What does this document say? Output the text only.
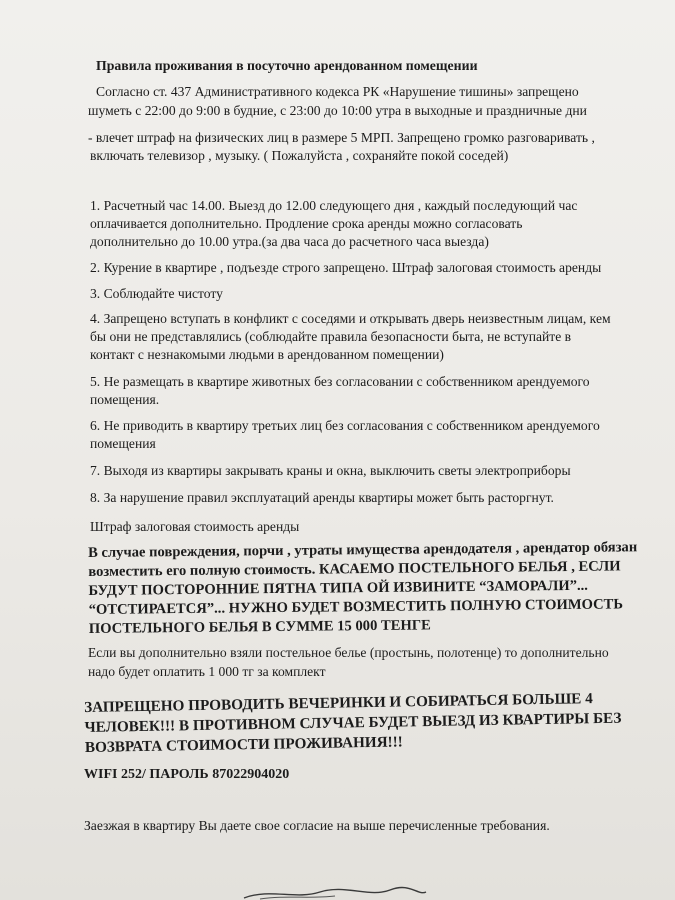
Правила проживания в посуточно арендованном помещении

Согласно ст. 437 Административного кодекса РК «Нарушение тишины» запрещено

шуметь с 22:00 до 9:00 в будние, с 23:00 до 10:00 утра в выходные и праздничные дни

- влечет штраф на физических лиц в размере 5 МРП. Запрещено громко разговаривать ,

включать телевизор , музыку. ( Пожалуйста , сохраняйте покой соседей)

1. Расчетный час 14.00. Выезд до 12.00 следующего дня , каждый последующий час

оплачивается дополнительно. Продление срока аренды можно согласовать

дополнительно до 10.00 утра.(за два часа до расчетного часа выезда)

2. Курение в квартире , подъезде строго запрещено. Штраф залоговая стоимость аренды

3. Соблюдайте чистоту

4. Запрещено вступать в конфликт с соседями и открывать дверь неизвестным лицам, кем

бы они не представлялись (соблюдайте правила безопасности быта, не вступайте в

контакт с незнакомыми людьми в арендованном помещении)

5. Не размещать в квартире животных без согласовании с собственником арендуемого

помещения.

6. Не приводить в квартиру третьих лиц без согласования с собственником арендуемого

помещения

7. Выходя из квартиры закрывать краны и окна, выключить светы электроприборы

8. За нарушение правил эксплуатаций аренды квартиры может быть расторгнут.

Штраф залоговая стоимость аренды

В случае повреждения, порчи , утраты имущества арендодателя , арендатор обязан

возместить его полную стоимость. КАСАЕМО ПОСТЕЛЬНОГО БЕЛЬЯ , ЕСЛИ

БУДУТ ПОСТОРОННИЕ ПЯТНА ТИПА ОЙ ИЗВИНИТЕ “ЗАМОРАЛИ”...

“ОТСТИРАЕТСЯ”... НУЖНО БУДЕТ ВОЗМЕСТИТЬ ПОЛНУЮ СТОИМОСТЬ

ПОСТЕЛЬНОГО БЕЛЬЯ В СУММЕ 15 000 ТЕНГЕ

Если вы дополнительно взяли постельное белье (простынь, полотенце) то дополнительно

надо будет оплатить 1 000 тг за комплект

ЗАПРЕЩЕНО ПРОВОДИТЬ ВЕЧЕРИНКИ И СОБИРАТЬСЯ БОЛЬШЕ 4

ЧЕЛОВЕК!!! В ПРОТИВНОМ СЛУЧАЕ БУДЕТ ВЫЕЗД ИЗ КВАРТИРЫ БЕЗ

ВОЗВРАТА СТОИМОСТИ ПРОЖИВАНИЯ!!!

WIFI 252/ ПАРОЛЬ 87022904020

Заезжая в квартиру Вы даете свое согласие на выше перечисленные требования.
